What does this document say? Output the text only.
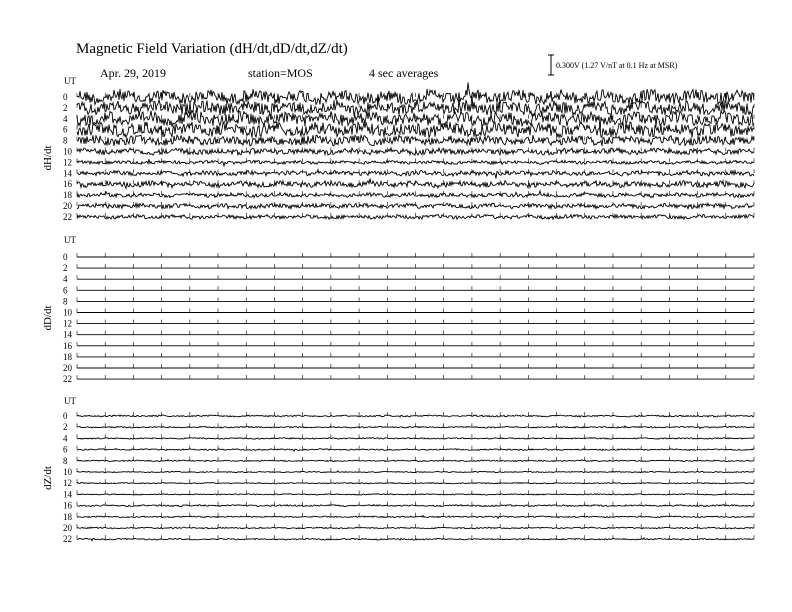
Magnetic Field Variation (dH/dt,dD/dt,dZ/dt)
Apr. 29, 2019	station=MOS	4 sec averages
0.300V (1.27 V/nT at 0.1 Hz at MSR)
UT
dH/dt
0
2
4
6
8
10
12
14
16
18
20
22
UT
dD/dt
0
2
4
6
8
10
12
14
16
18
20
22
UT
dZ/dt
0
2
4
6
8
10
12
14
16
18
20
22
